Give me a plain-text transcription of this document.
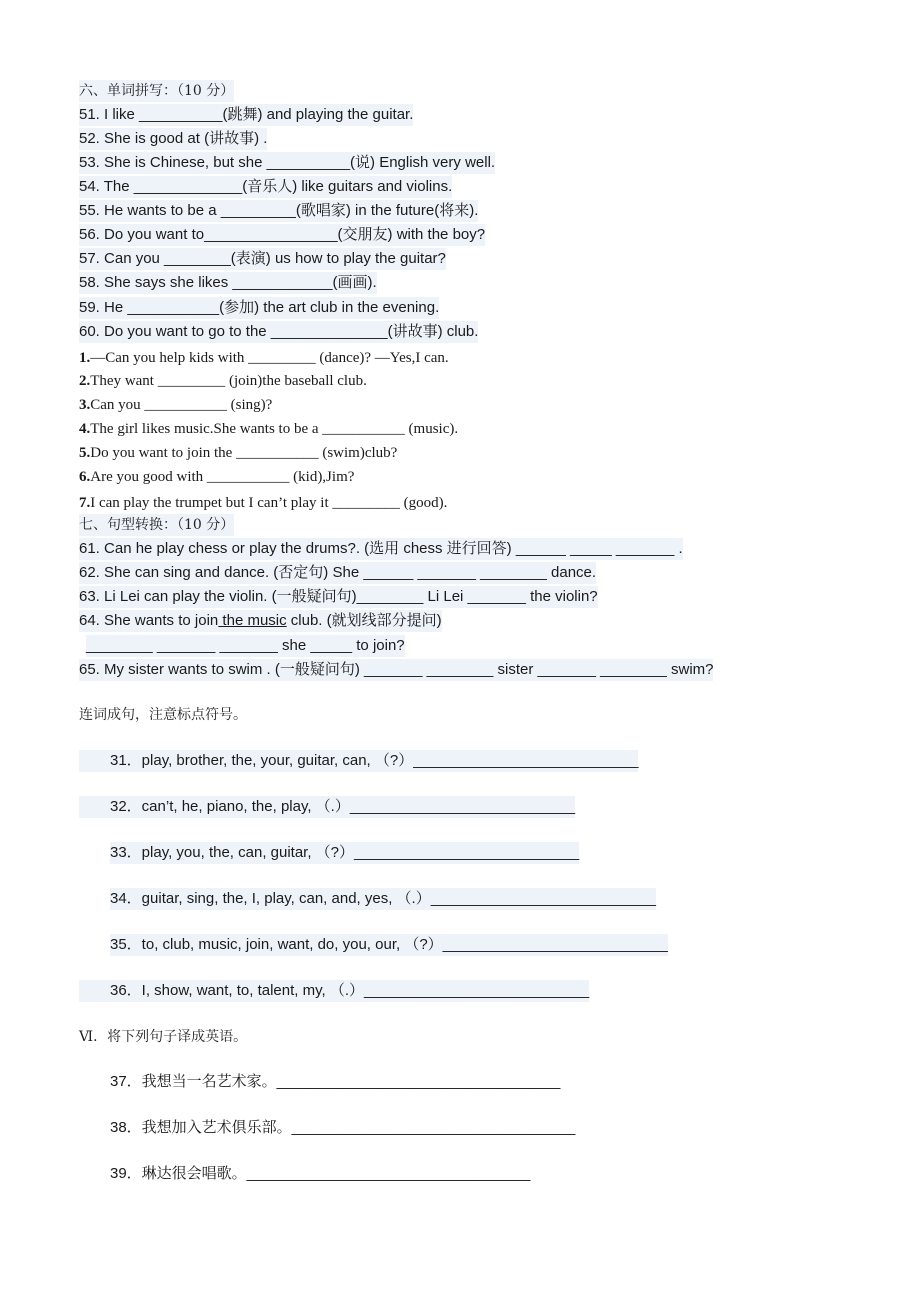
六、单词拼写：（10 分）
51. I like __________(跳舞) and playing the guitar.
52. She is good at (讲故事) .
53. She is Chinese, but she __________(说) English very well.
54. The _____________(音乐人) like guitars and violins.
55. He wants to be a _________(歌唱家) in the future(将来).
56. Do you want to________________(交朋友) with the boy?
57. Can you ________(表演) us how to play the guitar?
58. She says she likes ____________(画画).
59. He ___________(参加) the art club in the evening.
60. Do you want to go to the ______________(讲故事) club.
1.—Can you help kids with _________ (dance)? —Yes,I can.
2.They want _________ (join)the baseball club.
3.Can you ___________ (sing)?
4.The girl likes music.She wants to be a ___________ (music).
5.Do you want to join the ___________ (swim)club?
6.Are you good with ___________ (kid),Jim?
7.I can play the trumpet but I can’t play it _________ (good).
七、句型转换：（10 分）
61. Can he play chess or play the drums?. (选用 chess 进行回答) ______ _____ _______ .
62. She can sing and dance. (否定句) She ______ _______ ________ dance.
63. Li Lei can play the violin. (一般疑问句)________ Li Lei _______ the violin?
64. She wants to join the music club. (就划线部分提问)
________ _______ _______ she _____ to join?
65. My sister wants to swim . (一般疑问句) _______ ________ sister _______ ________ swim?
连词成句，注意标点符号。
31．play, brother, the, your, guitar, can, （?）___________________________
32．can’t, he, piano, the, play, （.）___________________________
33．play, you, the, can, guitar, （?）___________________________
34．guitar, sing, the, I, play, can, and, yes, （.）___________________________
35．to, club, music, join, want, do, you, our, （?）___________________________
36．I, show, want, to, talent, my, （.）___________________________
Ⅵ．将下列句子译成英语。
37．我想当一名艺术家。__________________________________
38．我想加入艺术俱乐部。__________________________________
39．琳达很会唱歌。__________________________________
